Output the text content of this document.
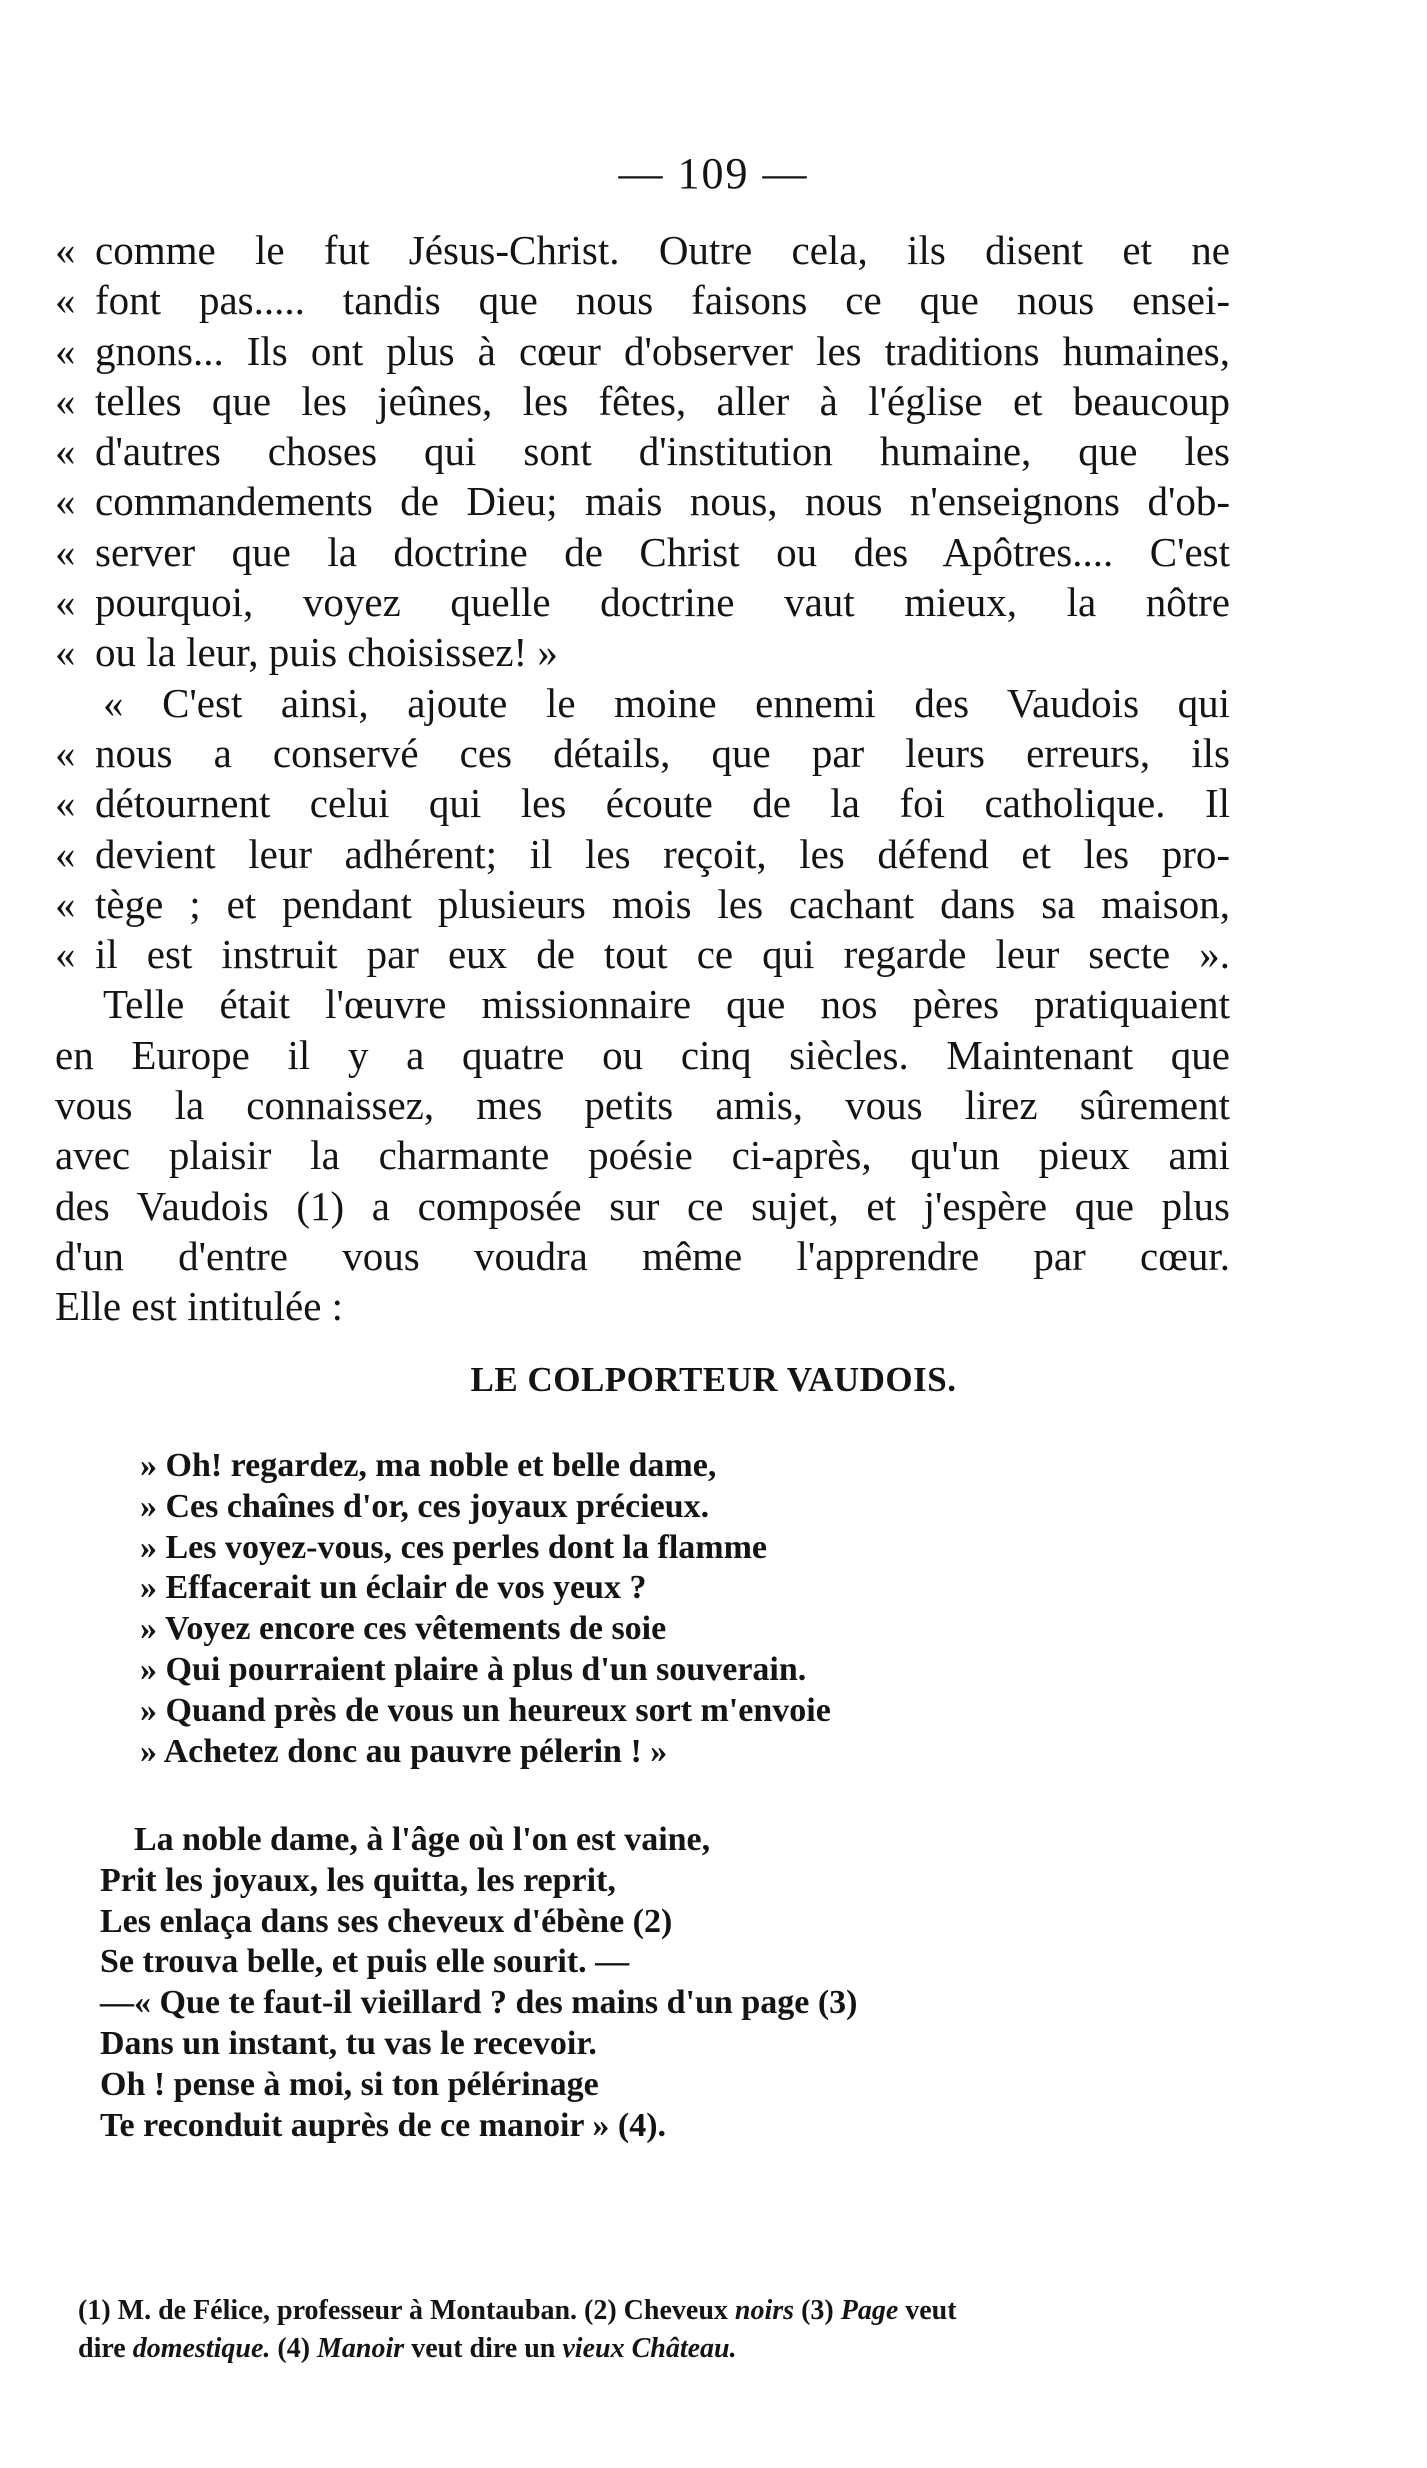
— 109 —
« comme le fut Jésus-Christ. Outre cela, ils disent et ne
« font pas..... tandis que nous faisons ce que nous ensei-
« gnons... Ils ont plus à cœur d'observer les traditions humaines,
« telles que les jeûnes, les fêtes, aller à l'église et beaucoup
« d'autres choses qui sont d'institution humaine, que les
« commandements de Dieu; mais nous, nous n'enseignons d'ob-
« server que la doctrine de Christ ou des Apôtres.... C'est
« pourquoi, voyez quelle doctrine vaut mieux, la nôtre
« ou la leur, puis choisissez! »
« C'est ainsi, ajoute le moine ennemi des Vaudois qui
« nous a conservé ces détails, que par leurs erreurs, ils
« détournent celui qui les écoute de la foi catholique. Il
« devient leur adhérent; il les reçoit, les défend et les pro-
« tège ; et pendant plusieurs mois les cachant dans sa maison,
« il est instruit par eux de tout ce qui regarde leur secte ».
Telle était l'œuvre missionnaire que nos pères pratiquaient
en Europe il y a quatre ou cinq siècles. Maintenant que
vous la connaissez, mes petits amis, vous lirez sûrement
avec plaisir la charmante poésie ci-après, qu'un pieux ami
des Vaudois (1) a composée sur ce sujet, et j'espère que plus
d'un d'entre vous voudra même l'apprendre par cœur.
Elle est intitulée :
LE COLPORTEUR VAUDOIS.
» Oh! regardez, ma noble et belle dame,
» Ces chaînes d'or, ces joyaux précieux.
» Les voyez-vous, ces perles dont la flamme
» Effacerait un éclair de vos yeux ?
» Voyez encore ces vêtements de soie
» Qui pourraient plaire à plus d'un souverain.
» Quand près de vous un heureux sort m'envoie
» Achetez donc au pauvre pélerin ! »
La noble dame, à l'âge où l'on est vaine,
Prit les joyaux, les quitta, les reprit,
Les enlaça dans ses cheveux d'ébène (2)
Se trouva belle, et puis elle sourit. —
—« Que te faut-il vieillard ? des mains d'un page (3)
Dans un instant, tu vas le recevoir.
Oh ! pense à moi, si ton pélérinage
Te reconduit auprès de ce manoir » (4).
(1) M. de Félice, professeur à Montauban. (2) Cheveux noirs (3) Page veut
dire domestique. (4) Manoir veut dire un vieux Château.
